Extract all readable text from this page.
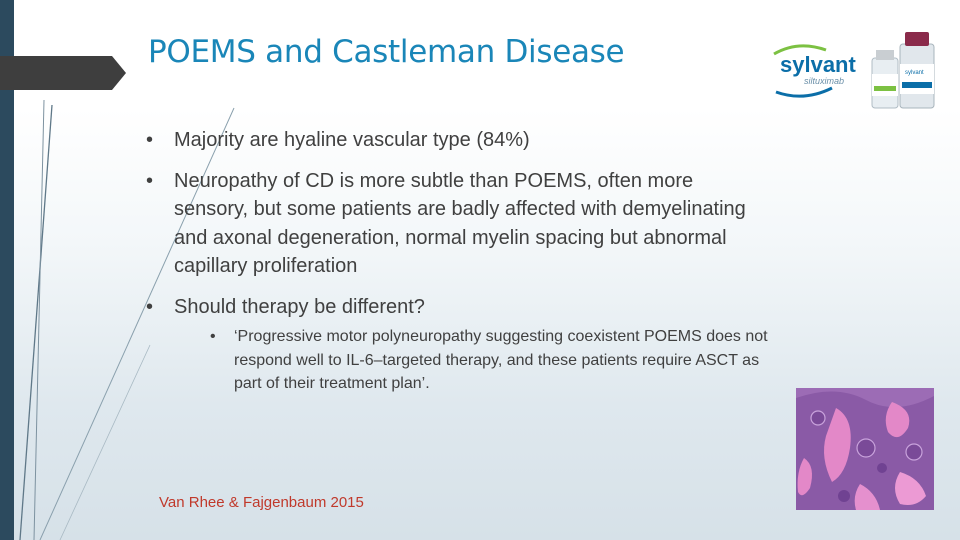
POEMS and Castleman Disease
• Majority are hyaline vascular type (84%)
• Neuropathy of CD is more subtle than POEMS, often more sensory, but some patients are badly affected with demyelinating and axonal degeneration, normal myelin spacing but abnormal capillary proliferation
• Should therapy be different?
• ‘Progressive motor polyneuropathy suggesting coexistent POEMS does not respond well to IL-6–targeted therapy, and these patients require ASCT as part of their treatment plan’.
Van Rhee & Fajgenbaum 2015
sylvant
siltuximab
sylvant
